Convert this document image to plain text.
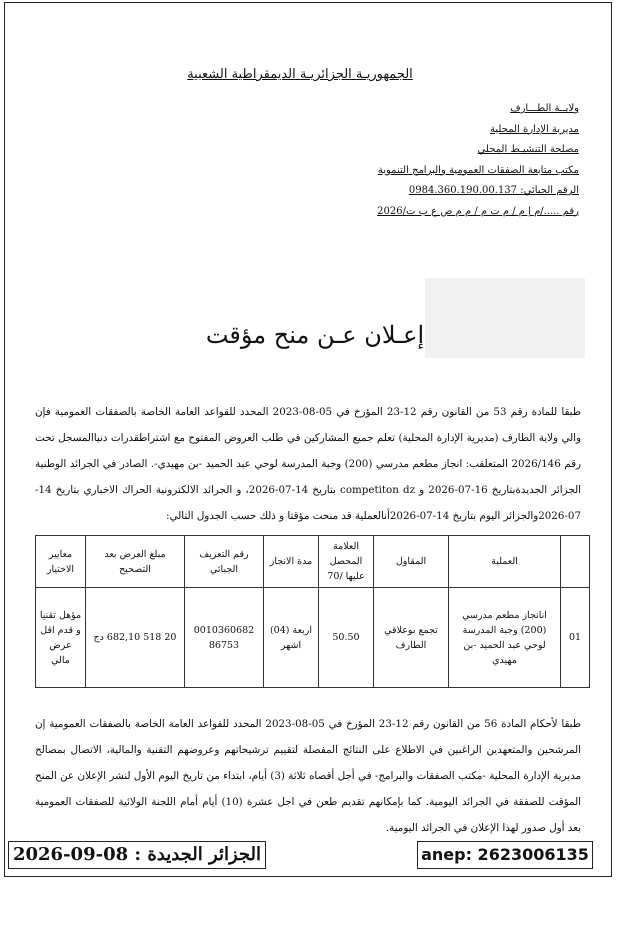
الجمهوريـة الجزائريـة الديمقراطية الشعبية
ولايــة الطـــارف
مديرية الإدارة المحلية
مصلحة التنشيـط المحلي
مكتب متابعة الصفقات العمومية والبرامج التنموية
الرقم الجبائي: 0984.360.190.00.137
رقم ...../م إ م / م ت م / م م ص ع ب ت/2026
إعـلان عـن منح مؤقت
طبقا للمادة رقم 53 من القانون رقم 12-23 المؤرخ في 05-08-2023 المحدد للقواعد العامة الخاصة بالصفقات العمومية فإن والي ولاية الطارف (مديرية الإدارة المحلية) تعلم جميع المشاركين في طلب العروض المفتوح مع اشتراطقدرات دنياالمسجل تحت رقم 2026/146 المتعلقب: انجاز مطعم مدرسي (200) وجبة المدرسة لوحي عبد الحميد -بن مهيدي-. الصادر في الجرائد الوطنية الجزائر الجديدةبتاريخ 16-07-2026 و competiton dz بتاريخ 14-07-2026، و الجرائد الالكترونية الحراك الاخباري بتاريخ 14-07-2026والجزائر اليوم بتاريخ 14-07-2026أنالعملية قد منحت مؤقتا و ذلك حسب الجدول التالي:
	العملية	المقاول	العلامة المحصل عليها /70	مدة الانجاز	رقم التعريف الجبائي	مبلغ العرض بعد التصحيح	معايير الاختيار
01	انانجاز مطعم مدرسي (200) وجبة المدرسة لوحي عبد الحميد -بن مهيدي	تجمع بوعلاقي الطارف	50.50	اربعة (04) اشهر	0010360682 86753	20 518 682,10 دج	مؤهل تقنيا و قدم اقل عرض مالي
طبقا لأحكام المادة 56 من القانون رقم 12-23 المؤرخ في 05-08-2023 المحدد للقواعد العامة الخاصة بالصفقات العمومية إن المرشحين والمتعهدين الراغبين في الاطلاع على النتائج المفصلة لتقييم ترشيحاتهم وعروضهم التقنية والمالية، الاتصال بمصالح مديرية الإدارة المحلية -مكتب الصفقات والبرامج- في أجل أقصاه ثلاثة (3) أيام، ابتداء من تاريخ اليوم الأول لنشر الإعلان عن المنح المؤقت للصفقة في الجرائد اليومية. كما بإمكانهم تقديم طعن في اجل عشرة (10) أيام أمام اللجنة الولائية للصفقات العمومية بعد أول صدور لهذا الإعلان في الجرائد اليومية.
الجزائر الجديدة : 08-09-2026	anep: 2623006135
